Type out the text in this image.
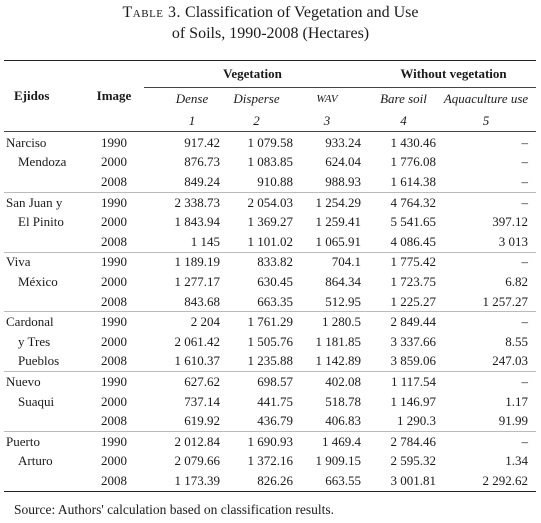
Table 3. Classification of Vegetation and Use
of Soils, 1990-2008 (Hectares)
Ejidos	Image	Vegetation			Without vegetation	
		Dense	Disperse	WAV	Bare soil	Aquaculture use
		1	2	3	4	5

Narciso	1990	917.42	1 079.58	933.24	1 430.46	–
Mendoza	2000	876.73	1 083.85	624.04	1 776.08	–
	2008	849.24	910.88	988.93	1 614.38	–
San Juan y	1990	2 338.73	2 054.03	1 254.29	4 764.32	–
El Pinito	2000	1 843.94	1 369.27	1 259.41	5 541.65	397.12
	2008	1 145	1 101.02	1 065.91	4 086.45	3 013
Viva	1990	1 189.19	833.82	704.1	1 775.42	–
México	2000	1 277.17	630.45	864.34	1 723.75	6.82
	2008	843.68	663.35	512.95	1 225.27	1 257.27
Cardonal	1990	2 204	1 761.29	1 280.5	2 849.44	–
y Tres	2000	2 061.42	1 505.76	1 181.85	3 337.66	8.55
Pueblos	2008	1 610.37	1 235.88	1 142.89	3 859.06	247.03
Nuevo	1990	627.62	698.57	402.08	1 117.54	–
Suaqui	2000	737.14	441.75	518.78	1 146.97	1.17
	2008	619.92	436.79	406.83	1 290.3	91.99
Puerto	1990	2 012.84	1 690.93	1 469.4	2 784.46	–
Arturo	2000	2 079.66	1 372.16	1 909.15	2 595.32	1.34
	2008	1 173.39	826.26	663.55	3 001.81	2 292.62
Source: Authors' calculation based on classification results.
